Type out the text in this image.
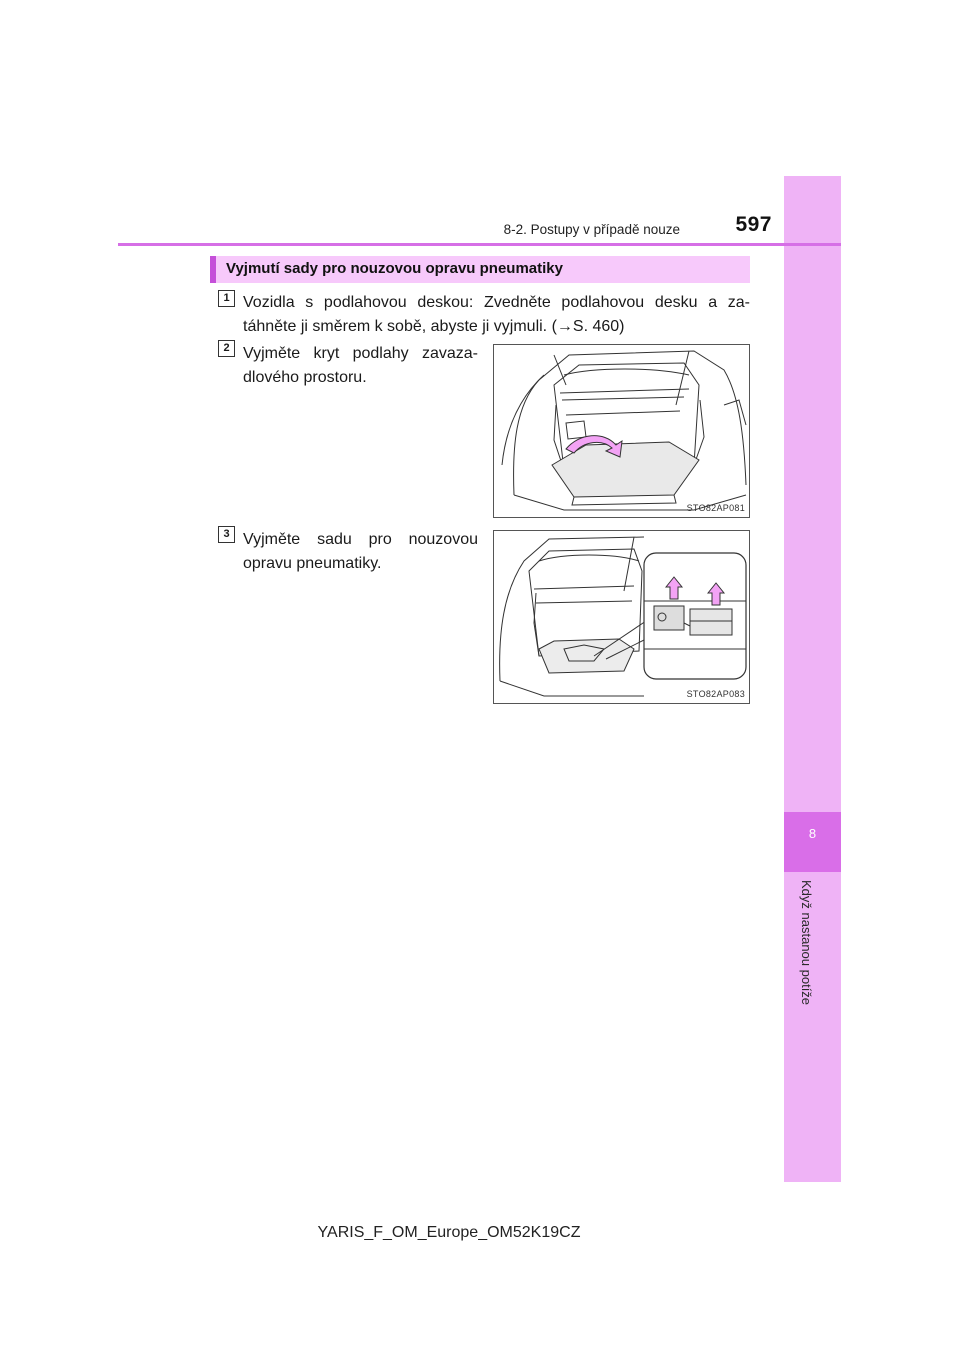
8
Když nastanou potíže
8-2. Postupy v případě nouze	597
Vyjmutí sady pro nouzovou opravu pneumatiky
1 Vozidla s podlahovou deskou: Zvedněte podlahovou desku a za-táhněte ji směrem k sobě, abyste ji vyjmuli. (→S. 460)
2 Vyjměte kryt podlahy zavaza-dlového prostoru.
STO82AP081
3 Vyjměte sadu pro nouzovou opravu pneumatiky.
STO82AP083
YARIS_F_OM_Europe_OM52K19CZ
